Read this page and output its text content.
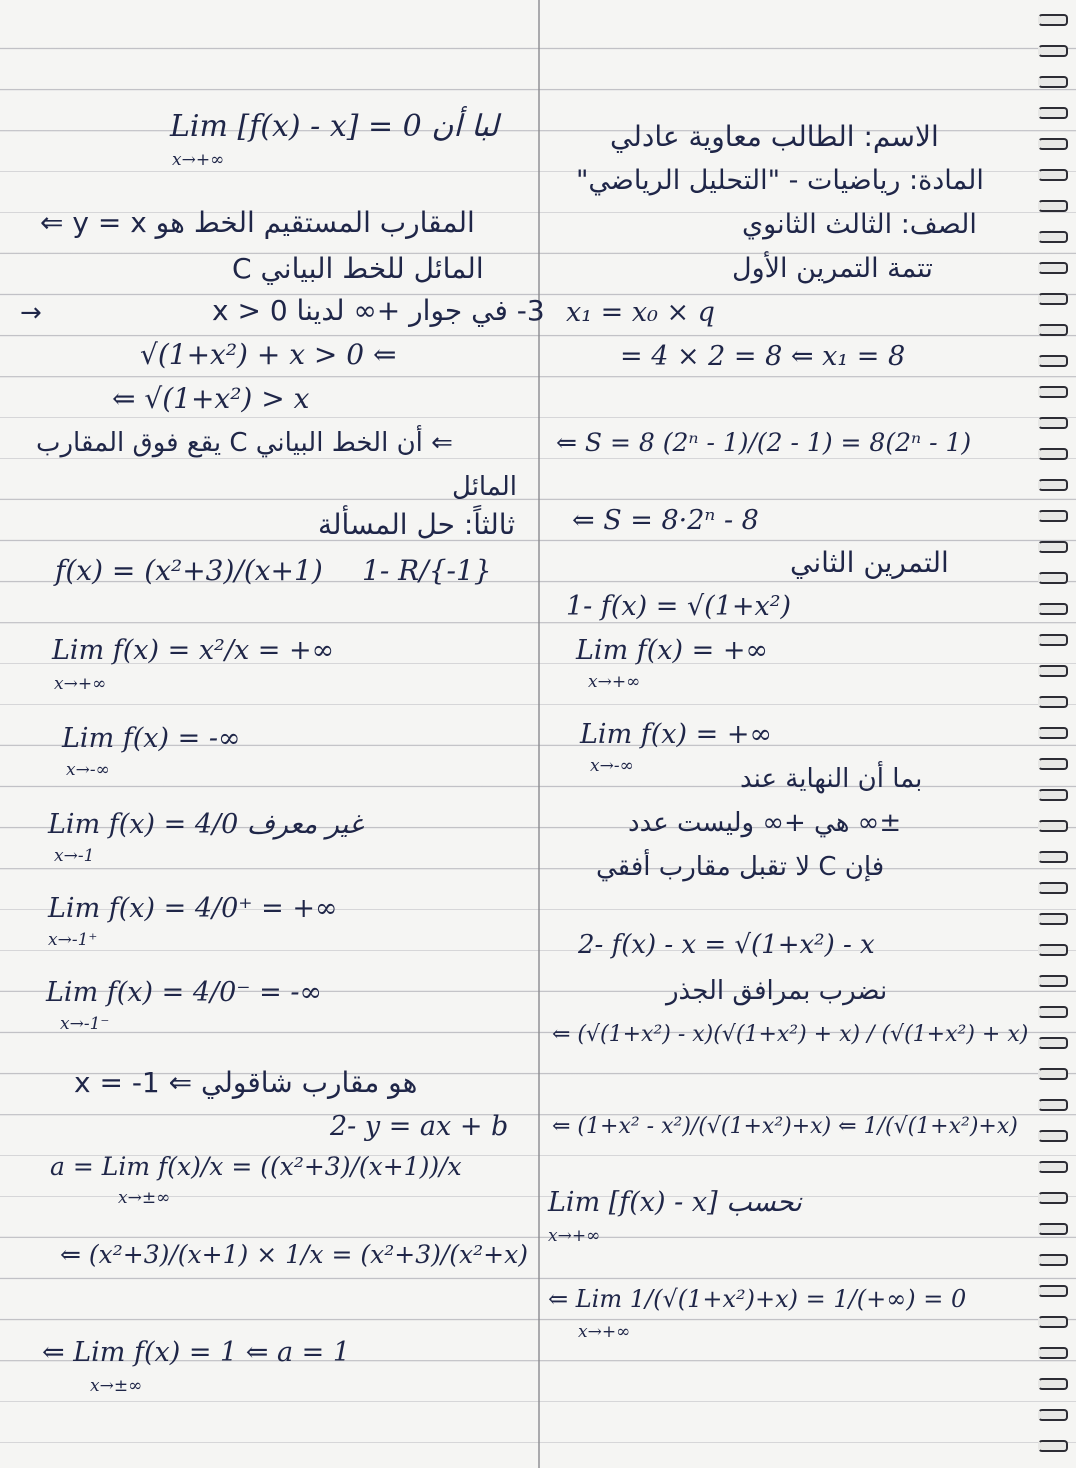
Lim [f(x) - x] = 0 لبا أن
x→+∞
المقارب المستقيم الخط هو y = x ⇐
المائل للخط البياني C
→	3- في جوار +∞ لدينا x > 0
√(1+x²) + x > 0 ⇐
⇐ √(1+x²) > x
⇐ أن الخط البياني C يقع فوق المقارب
المائل
ثالثاً: حل المسألة
f(x) = (x²+3)/(x+1) 1- R/{-1}
Lim f(x) = x²/x = +∞
x→+∞
Lim f(x) = -∞
x→-∞
Lim f(x) = 4/0 غير معرف
x→-1
Lim f(x) = 4/0⁺ = +∞
x→-1⁺
Lim f(x) = 4/0⁻ = -∞
x→-1⁻
x = -1 ⇐ هو مقارب شاقولي
2- y = ax + b
a = Lim f(x)/x = ((x²+3)/(x+1))/x
x→±∞
⇐ (x²+3)/(x+1) × 1/x = (x²+3)/(x²+x)
⇐ Lim f(x) = 1 ⇐ a = 1
x→±∞
الاسم: الطالب معاوية عادلي
المادة: رياضيات - "التحليل الرياضي"
الصف: الثالث الثانوي
تتمة التمرين الأول
x₁ = x₀ × q
= 4 × 2 = 8 ⇐ x₁ = 8
⇐ S = 8 (2ⁿ - 1)/(2 - 1) = 8(2ⁿ - 1)
⇐ S = 8·2ⁿ - 8
التمرين الثاني
1- f(x) = √(1+x²)
Lim f(x) = +∞
x→+∞
Lim f(x) = +∞
x→-∞	بما أن النهاية عند
±∞ هي +∞ وليست عدد
فإن C لا تقبل مقارب أفقي
2- f(x) - x = √(1+x²) - x
نضرب بمرافق الجذر
⇐ (√(1+x²) - x)(√(1+x²) + x) / (√(1+x²) + x)
⇐ (1+x² - x²)/(√(1+x²)+x) ⇐ 1/(√(1+x²)+x)
Lim [f(x) - x] نحسب
x→+∞
⇐ Lim 1/(√(1+x²)+x) = 1/(+∞) = 0
x→+∞
